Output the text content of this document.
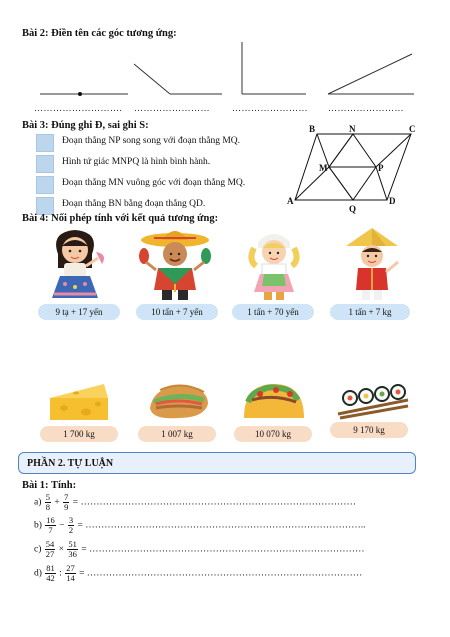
Bài 2: Điền tên các góc tương ứng:
………………………. …………………… …………………… ……………………
Bài 3: Đúng ghi Đ, sai ghi S:
Đoạn thẳng NP song song với đoạn thẳng MQ.
Hình tứ giác MNPQ là hình bình hành.
Đoạn thẳng MN vuông góc với đoạn thẳng MQ.
Đoạn thẳng BN bằng đoạn thẳng QD.
B	N	C
M	P
A
Q
D
Bài 4: Nối phép tính với kết quả tương ứng:
9 tạ + 17 yến	10 tấn + 7 yến	1 tấn + 70 yến	1 tấn + 7 kg
1 700 kg	1 007 kg	10 070 kg	9 170 kg
PHẦN 2. TỰ LUẬN
Bài 1: Tính:
$a) \frac{5}{8} + \frac{7}{9}$ = ……………………………………………………………………………
$b) \frac{16}{7} - \frac{3}{2}$ = ……………………………………………………………………………..
$c) \frac{54}{27} \times \frac{51}{36}$ = ……………………………………………………………………………
$d) \frac{81}{42}$ : $\frac{27}{14}$ = ……………………………………………………………………………
